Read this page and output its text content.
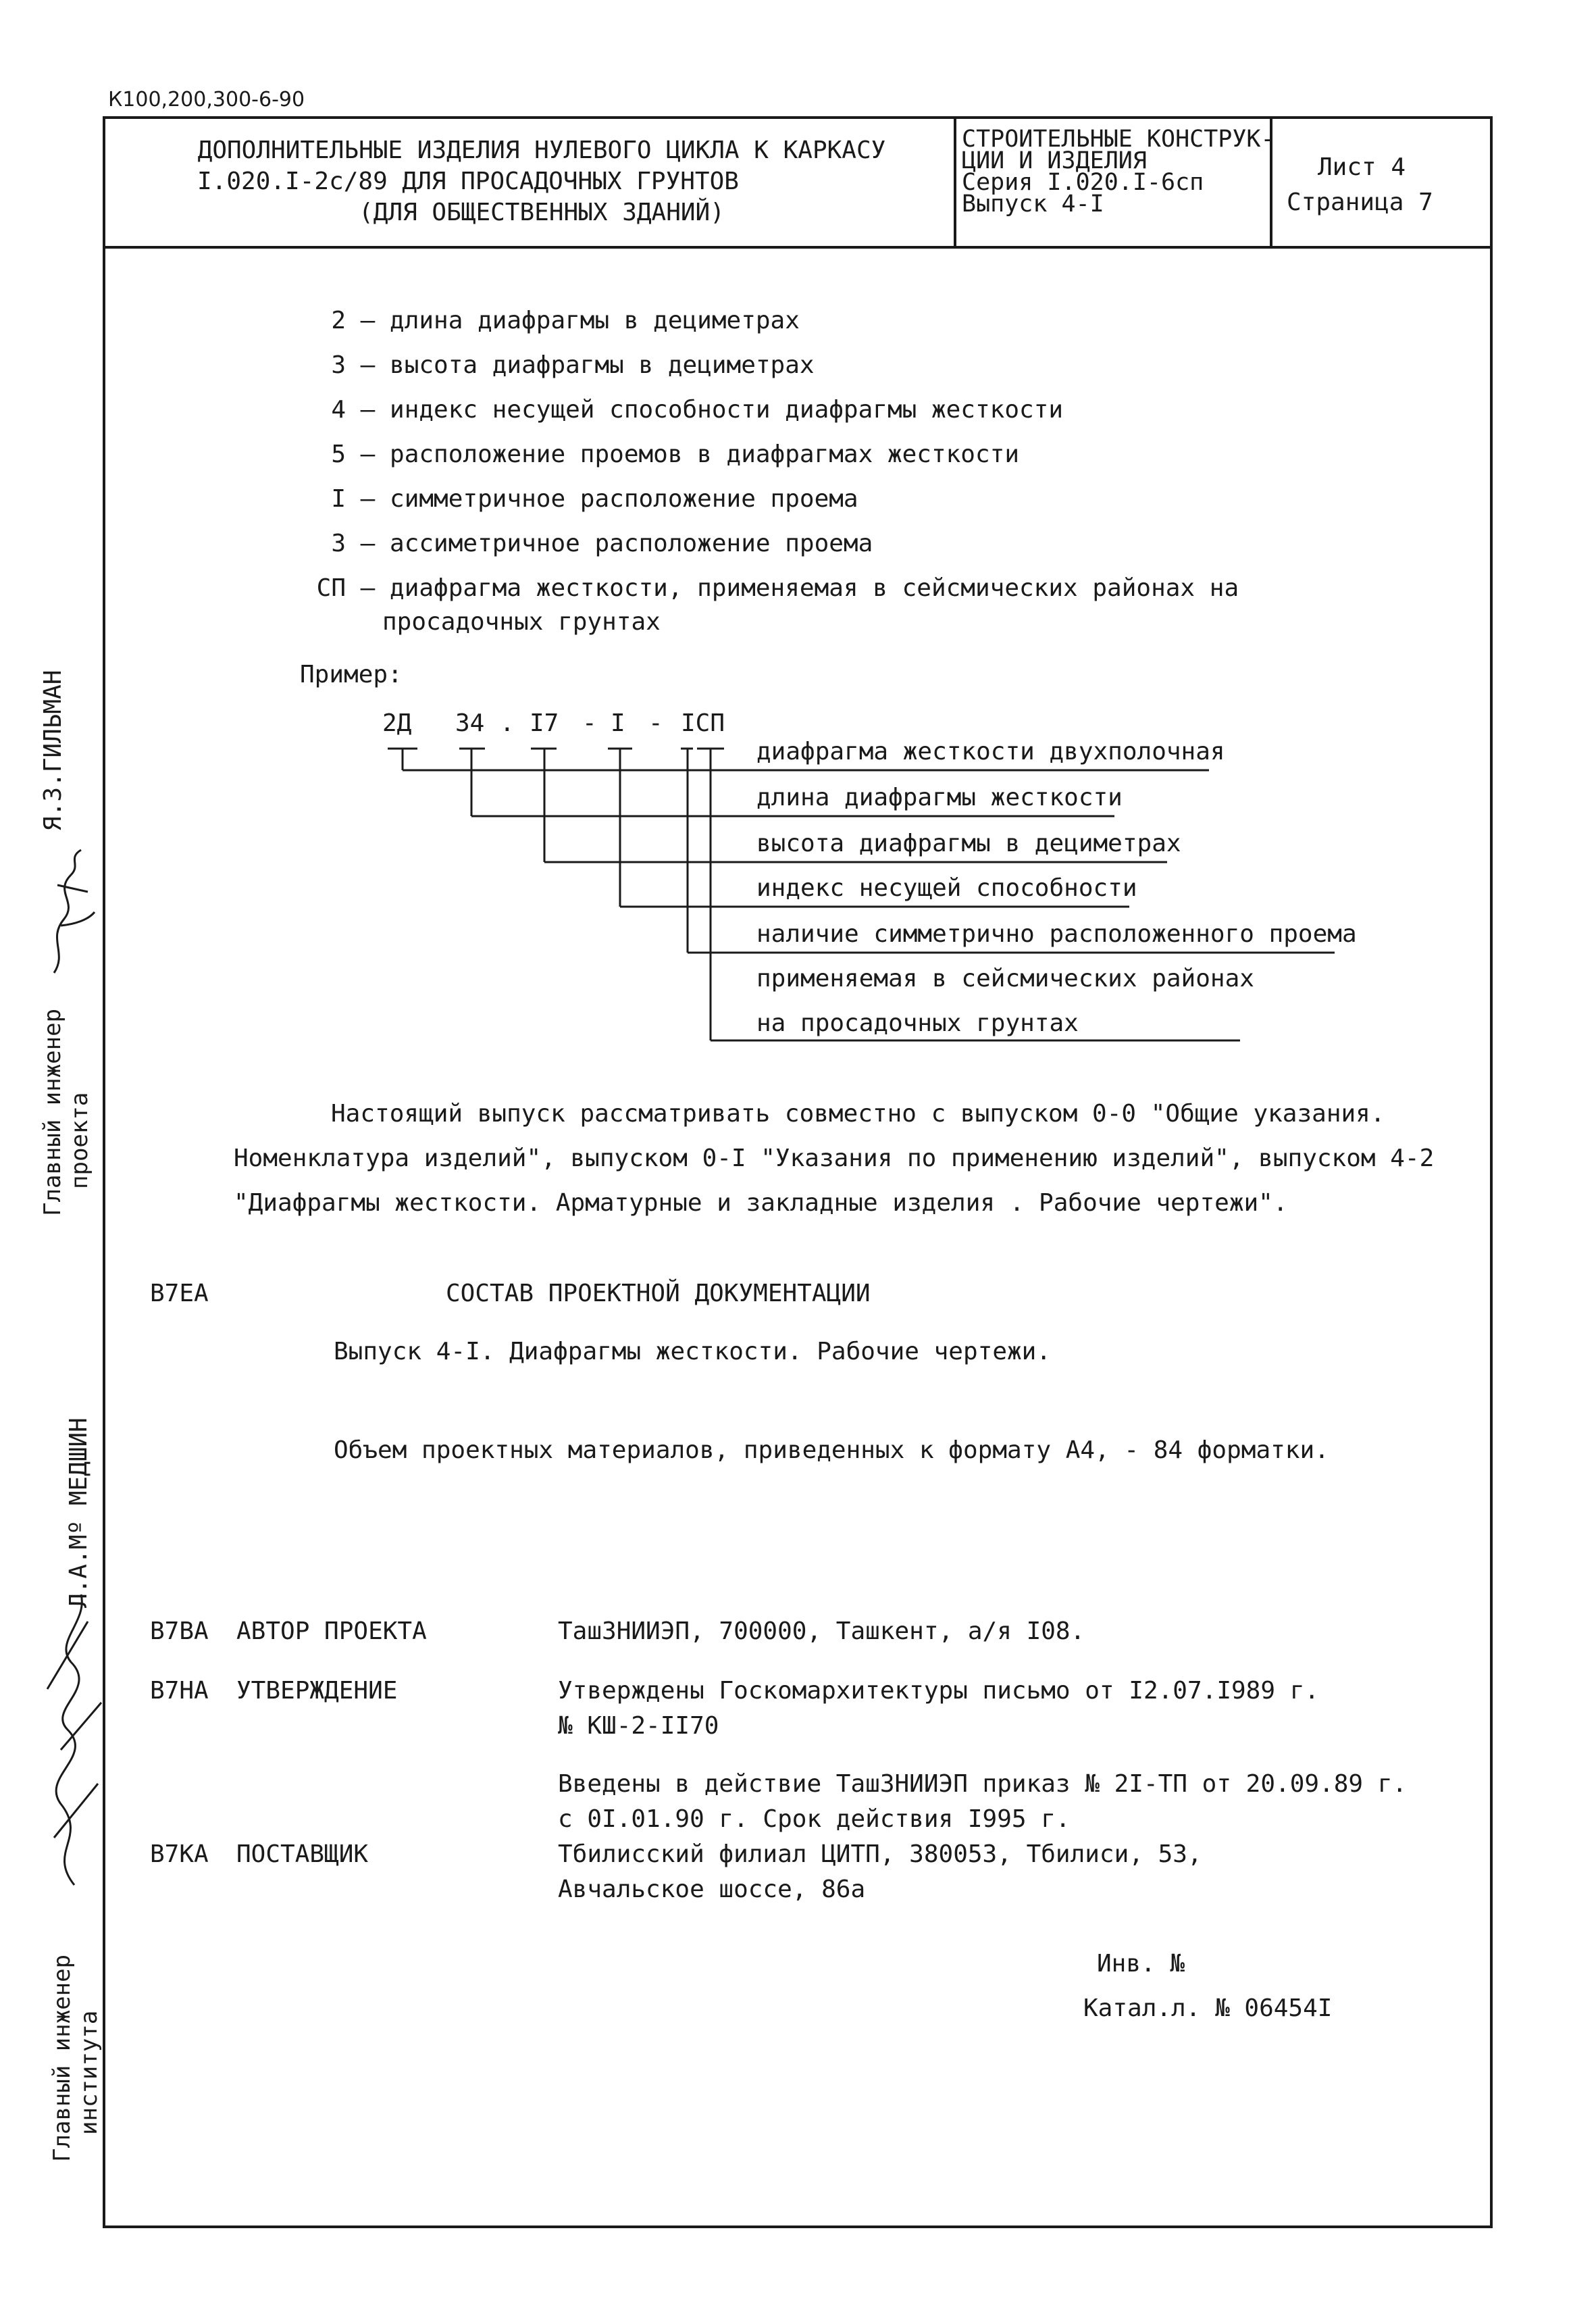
К100,200,300-6-90
ДОПОЛНИТЕЛЬНЫЕ ИЗДЕЛИЯ НУЛЕВОГО ЦИКЛА К КАРКАСУ
I.020.I-2с/89 ДЛЯ ПРОСАДОЧНЫХ ГРУНТОВ
(ДЛЯ ОБЩЕСТВЕННЫХ ЗДАНИЙ)
СТРОИТЕЛЬНЫЕ КОНСТРУК-
ЦИИ И ИЗДЕЛИЯ
Серия I.020.I-6сп
Выпуск 4-I
Лист 4
Страница 7
2 – длина диафрагмы в дециметрах
3 – высота диафрагмы в дециметрах
4 – индекс несущей способности диафрагмы жесткости
5 – расположение проемов в диафрагмах жесткости
I – симметричное расположение проема
3 – ассиметричное расположение проема
СП – диафрагма жесткости, применяемая в сейсмических районах на
просадочных грунтах
Пример:
2Д 34 . I7 - I - IСП
диафрагма жесткости двухполочная
длина диафрагмы жесткости
высота диафрагмы в дециметрах
индекс несущей способности
наличие симметрично расположенного проема
применяемая в сейсмических районах
на просадочных грунтах
Настоящий выпуск рассматривать совместно с выпуском 0-0 "Общие указания.
Номенклатура изделий", выпуском 0-I "Указания по применению изделий", выпуском 4-2
"Диафрагмы жесткости. Арматурные и закладные изделия . Рабочие чертежи".
В7ЕА	СОСТАВ ПРОЕКТНОЙ ДОКУМЕНТАЦИИ
Выпуск 4-I. Диафрагмы жесткости. Рабочие чертежи.
Объем проектных материалов, приведенных к формату А4, - 84 форматки.
В7ВА АВТОР ПРОЕКТА	ТашЗНИИЭП, 700000, Ташкент, а/я I08.
В7НА УТВЕРЖДЕНИЕ	Утверждены Госкомархитектуры письмо от I2.07.I989 г.
№ КШ-2-II70
Введены в действие ТашЗНИИЭП приказ № 2I-ТП от 20.09.89 г.
с 0I.01.90 г. Срок действия I995 г.
В7КА ПОСТАВЩИК	Тбилисский филиал ЦИТП, 380053, Тбилиси, 53,
Авчальское шоссе, 86а
Инв. №
Катал.л. № 06454I
Я.З.ГИЛЬМАН
Главный инженер проекта
Л.А.Мº МЕДШИН
Главный инженер института
